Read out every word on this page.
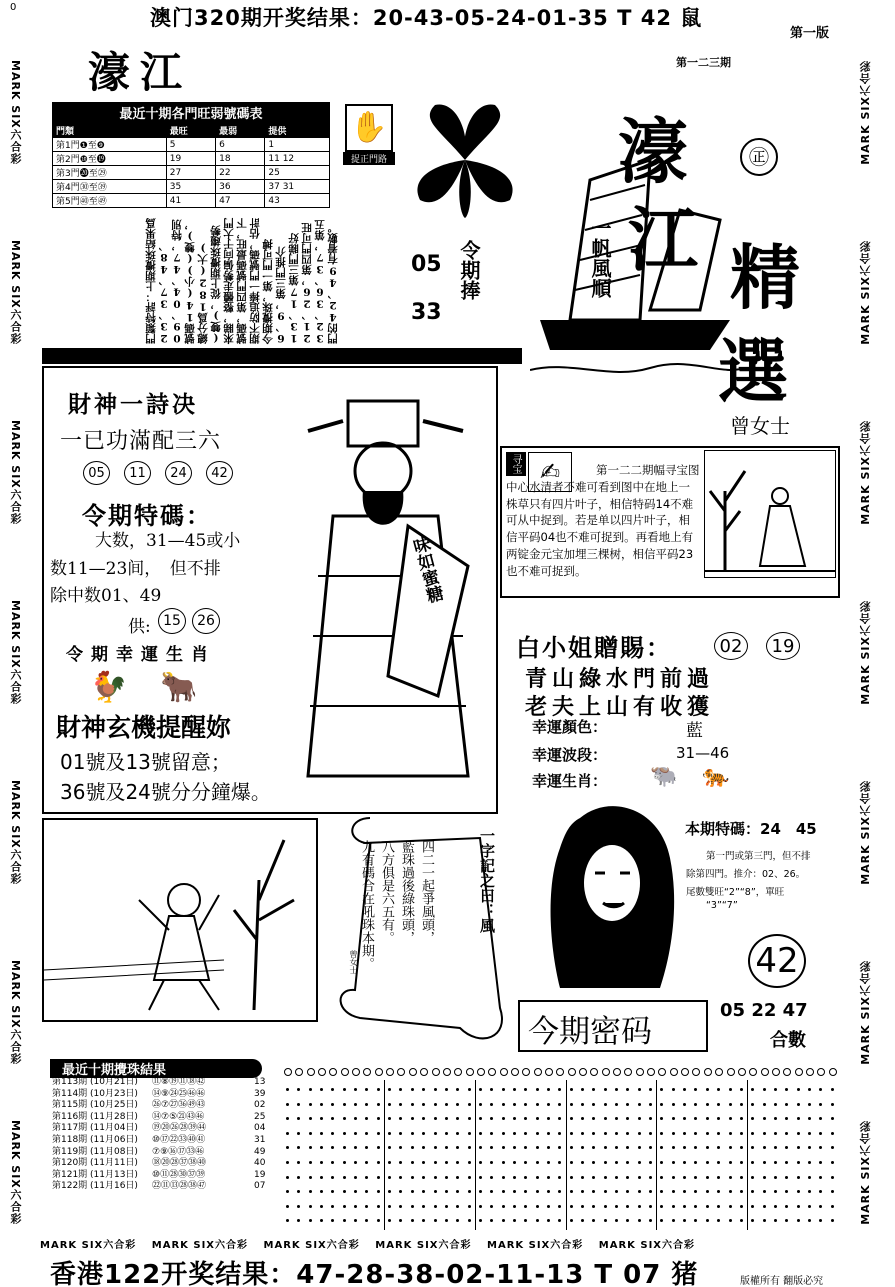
0	澳门320期开奖结果：20-43-05-24-01-35 T 42 鼠
第一版
MARK SIX六合彩
MARK SIX六合彩
MARK SIX六合彩
MARK SIX六合彩
MARK SIX六合彩
MARK SIX六合彩
MARK SIX六合彩
MARK SIX六合彩
MARK SIX六合彩
MARK SIX六合彩
MARK SIX六合彩
MARK SIX六合彩
MARK SIX六合彩
MARK SIX六合彩
濠江	第一二三期
最近十期各門旺弱號碼表
門類	最旺	最弱	提供
第1門❶至❾	5	6	1
第2門❿至⓳	19	18	11 12
第3門⓴至㉙	27	22	25
第4門㉚至㊴	35	36	37 31
第5門㊵至㊾	41	47	43
✋
捉正門路
門類特評：上期攪珠結果爲23、37、48、09、04、47，特別號碼14(小)(雙)，總分爲182(大)(雙)，從上期攪珠趨勢來睇，整體走勢偏向于大門號碼，第四門號碼最旺，下期不防追捧一門號碼，估計今期攪珠，第一門可搏6、9，第三門推介13、17第三門睇好21、26，第四門可旺32、36、37，第五門的42、49有着數。	05
33
令期捧
濠
江 精
選
一帆風順
曾女士
㊣
財神一詩决
一已功滿配三六
05	11	24	42
令期特碼：
大数，31—45或小
数11—23间，　但不排
除中数01、49
供: 15	26
令期幸運生肖
🐓 🐂
財神玄機提醒妳
01號及13號留意；
36號及24號分分鐘爆。
味如蜜糖
寻宝 ✍	第一二二期幅寻宝图中心水清者不难可看到图中在地上一株草只有四片叶子，相信特码14不难可从中捉到。若是单以四片叶子，相信平码04也不难可捉到。再看地上有两锭金元宝加埋三棵树，相信平码23也不难可捉到。
白小姐贈賜：	02	19
青山綠水門前過
老夫上山有收獲
幸運顏色：	藍
幸運波段：	31—46
幸運生肖： 🐃 🐅
一字記之曰：風
四二一起爭風頭，
藍珠過後綠珠頭，
八方俱是六五有。
九有碼合在吼珠本期。
曾女士
本期特碼：24　45
第一門或第三門，但不排
除第四門。推介：02、26。
尾數雙旺“2”“8”，單旺
“3”“7”
42
今期密码
05 22 47
合數
最近十期攪珠結果
第113期 (10月21日)	⑪⑧⑲⑪⑱㊷	13
第114期 (10月23日)	⑭⑨㉔㉕㊻㊻	39
第115期 (10月25日)	㉖⑦㉗㊱㊾㊸	02
第116期 (11月28日)	⑭⑦⑤㉑㊸㊻	25
第117期 (11月04日)	⑲⑳㉖㉘㊴㊹	04
第118期 (11月06日)	⑩⑰㉒㉝㊵㊶	31
第119期 (11月08日)	⑦⑨⑯⑰㉝㊻	49
第120期 (11月11日)	⑱⑳㉘㊲㊳㊵	40
第121期 (11月13日)	⑩⑪㉘㉚㊲㊴	19
第122期 (11月16日)	㉒⑪⑬㉘㊳㊼	07
MARK SIX六合彩　 MARK SIX六合彩　 MARK SIX六合彩　 MARK SIX六合彩　 MARK SIX六合彩　 MARK SIX六合彩
香港122开奖结果：47-28-38-02-11-13 T 07 猪	版權所有 翻版必究
